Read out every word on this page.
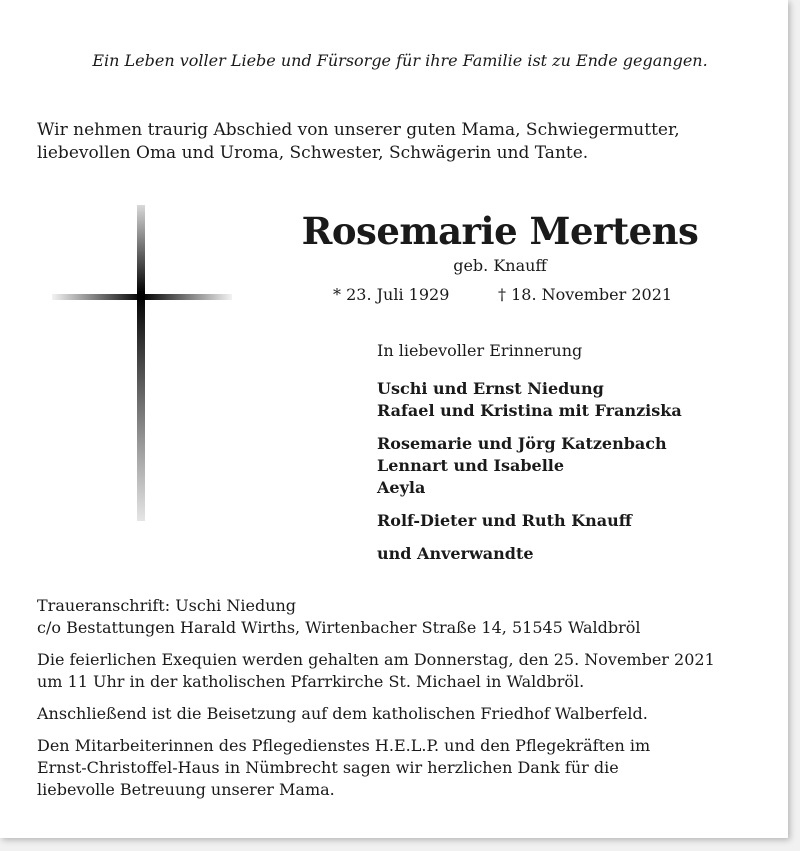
Ein Leben voller Liebe und Fürsorge für ihre Familie ist zu Ende gegangen.
Wir nehmen traurig Abschied von unserer guten Mama, Schwiegermutter,
liebevollen Oma und Uroma, Schwester, Schwägerin und Tante.
Rosemarie Mertens
geb. Knauff
* 23. Juli 1929	† 18. November 2021
In liebevoller Erinnerung
Uschi und Ernst Niedung
Rafael und Kristina mit Franziska
Rosemarie und Jörg Katzenbach
Lennart und Isabelle
Aeyla
Rolf-Dieter und Ruth Knauff
und Anverwandte
Traueranschrift: Uschi Niedung
c/o Bestattungen Harald Wirths, Wirtenbacher Straße 14, 51545 Waldbröl
Die feierlichen Exequien werden gehalten am Donnerstag, den 25. November 2021
um 11 Uhr in der katholischen Pfarrkirche St. Michael in Waldbröl.
Anschließend ist die Beisetzung auf dem katholischen Friedhof Walberfeld.
Den Mitarbeiterinnen des Pflegedienstes H.E.L.P. und den Pflegekräften im
Ernst-Christoffel-Haus in Nümbrecht sagen wir herzlichen Dank für die
liebevolle Betreuung unserer Mama.
